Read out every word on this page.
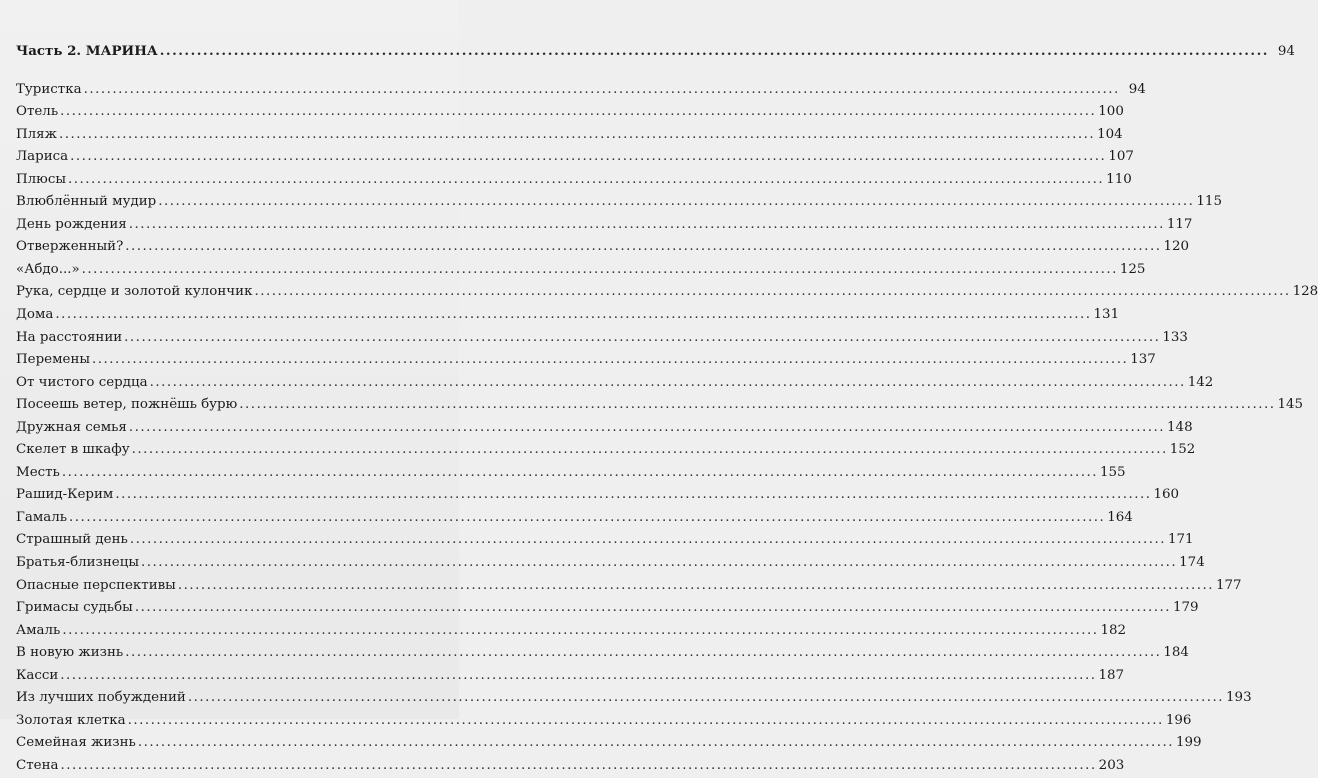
Часть 2. МАРИНА .....	94
Туристка .....	94
Отель .....	100
Пляж .....	104
Лариса .....	107
Плюсы .....	110
Влюблённый мудир .....	115
День рождения .....	117
Отверженный? .....	120
«Абдо...» .....	125
Рука, сердце и золотой кулончик .....	128
Дома .....	131
На расстоянии .....	133
Перемены .....	137
От чистого сердца .....	142
Посеешь ветер, пожнёшь бурю .....	145
Дружная семья .....	148
Скелет в шкафу .....	152
Месть .....	155
Рашид-Керим .....	160
Гамаль .....	164
Страшный день .....	171
Братья-близнецы .....	174
Опасные перспективы .....	177
Гримасы судьбы .....	179
Амаль .....	182
В новую жизнь .....	184
Касси .....	187
Из лучших побуждений .....	193
Золотая клетка .....	196
Семейная жизнь .....	199
Стена .....	203
